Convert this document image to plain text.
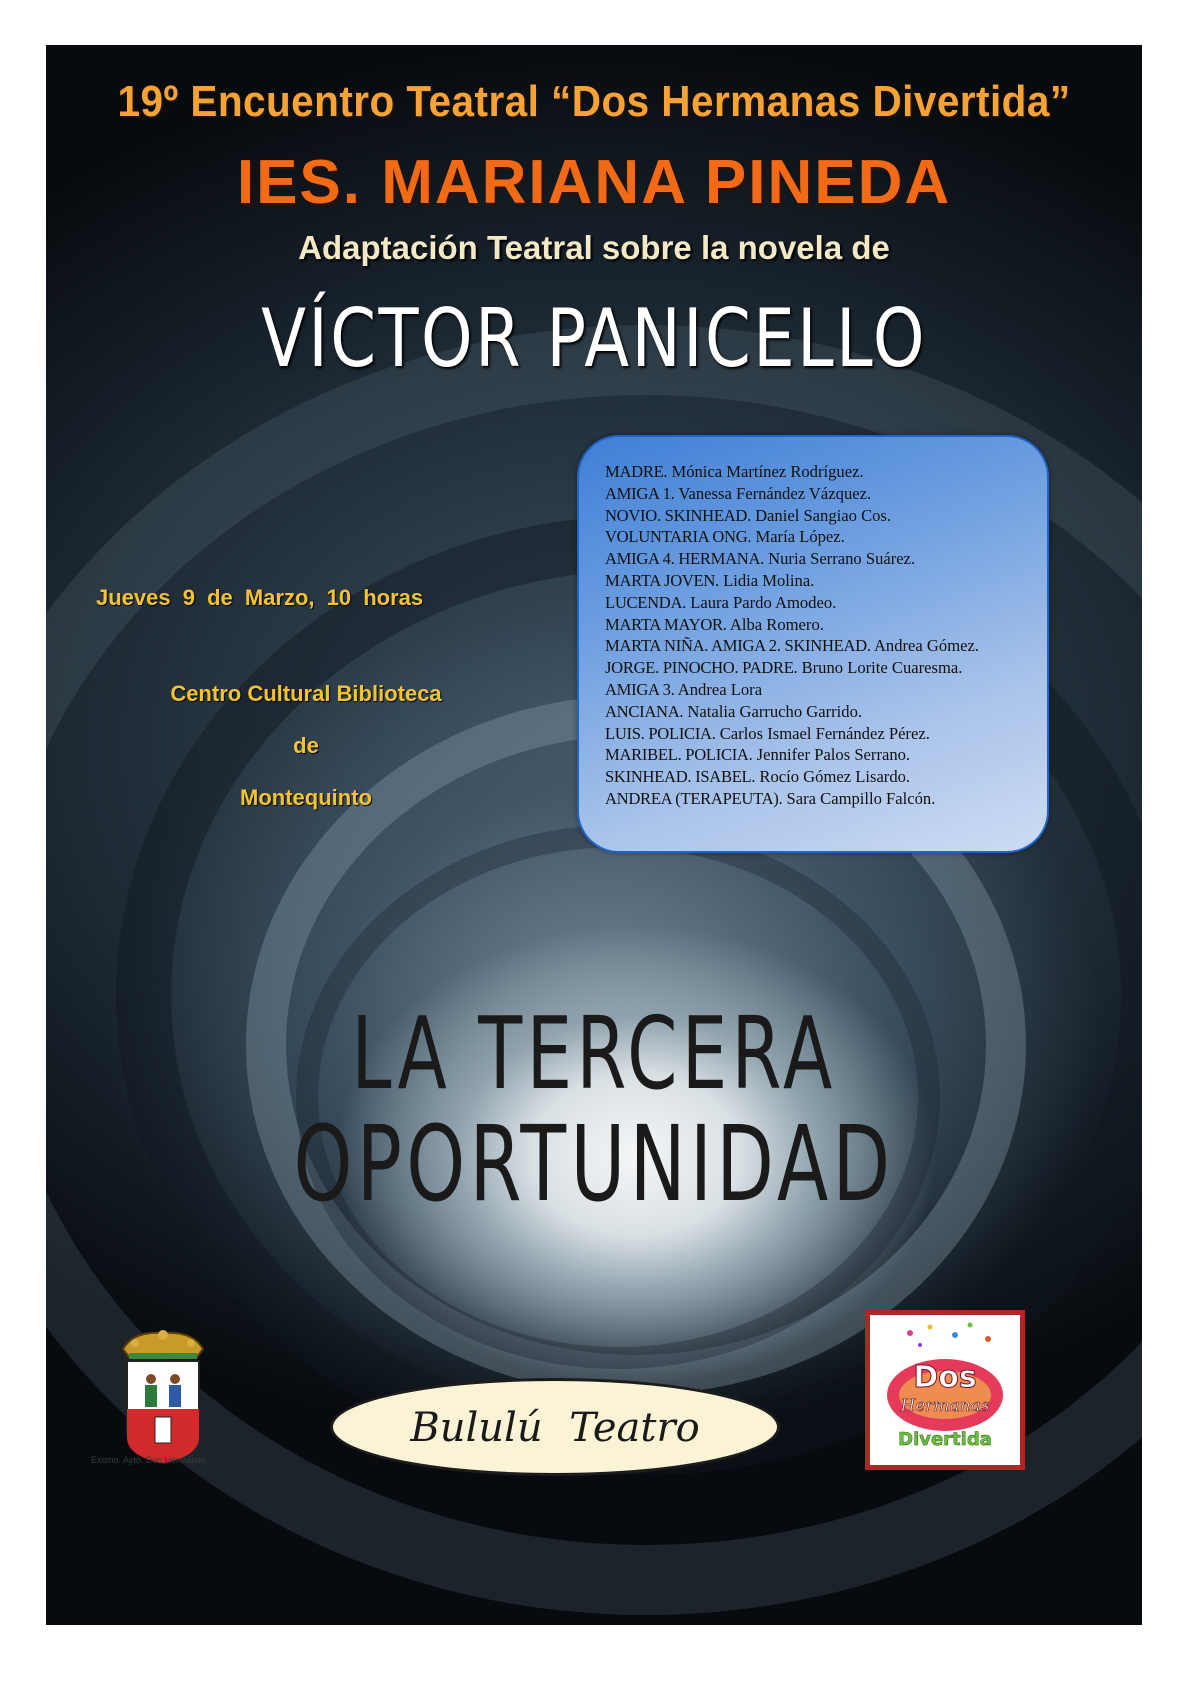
19º Encuentro Teatral “Dos Hermanas Divertida”
IES. MARIANA PINEDA
Adaptación Teatral sobre la novela de
VÍCTOR PANICELLO
Jueves 9 de Marzo, 10 horas
Centro Cultural Biblioteca
de
Montequinto
MADRE. Mónica Martínez Rodríguez.
AMIGA 1. Vanessa Fernández Vázquez.
NOVIO. SKINHEAD. Daniel Sangiao Cos.
VOLUNTARIA ONG. María López.
AMIGA 4. HERMANA. Nuria Serrano Suárez.
MARTA JOVEN. Lidia Molina.
LUCENDA. Laura Pardo Amodeo.
MARTA MAYOR. Alba Romero.
MARTA NIÑA. AMIGA 2. SKINHEAD. Andrea Gómez.
JORGE. PINOCHO. PADRE. Bruno Lorite Cuaresma.
AMIGA 3. Andrea Lora
ANCIANA. Natalia Garrucho Garrido.
LUIS. POLICIA. Carlos Ismael Fernández Pérez.
MARIBEL. POLICIA. Jennifer Palos Serrano.
SKINHEAD. ISABEL. Rocío Gómez Lisardo.
ANDREA (TERAPEUTA). Sara Campillo Falcón.
LA TERCERA
OPORTUNIDAD
Excmo. Ayto. Dos Hermanas
Bululú Teatro
Dos
Hermanas
Divertida
